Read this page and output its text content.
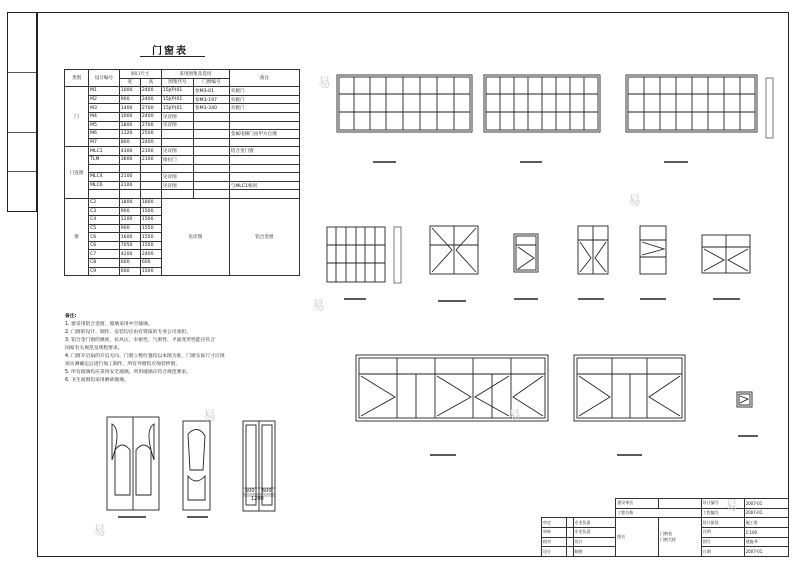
门窗表
类别	设计编号	洞口尺寸		采用图集及选用		备注
		宽	高	图集代号	门窗编号	
门	M1	1000	2400	15J(P)01	参M3-01	夹板门
	M2	900	2400	15J(P)01	参M3-197	夹板门
	M3	1400	2700	15J(P)01	参M3-340	夹板门
	M4	1000	2400	见详图		
	M5	1800	2700	见详图		
	M6	1120	2500			金属电梯门由甲方自理
	M7	800	2400			
门连窗	MLC1	4300	2100	见详图		铝合金门窗
	TLM	3600	2100	推拉门		

	MLC4	2100		见详图		
	MLC6	2100		见详图		与MLC1相同

窗	C2	1800	1800	见详图		铝合金窗
	C3	900	1500			
	C4	1200	1500			
	C5	900	1550			
	C6	1600	1550			
	C6	7050	1550			
	C7	4200	2400			
	C8	600	600			
	C9	600	1500			
备注:
1. 窗采用铝合金窗，玻璃采用中空玻璃。
2. 门窗的设计、制作、安装均应由有资质的专业公司承担。
3. 铝合金门窗的强度、抗风压、水密性、气密性、平面变形性能应符合
国家有关规范及规程要求。
4. 门窗开启扇的开启方向、门窗立樘位置均以本图为准，门窗实际尺寸应现
场实测确定后进行加工制作，所有外窗均应加装纱窗。
5. 所有玻璃均应采用安全玻璃，所用玻璃应符合规范要求。
6. 卫生间窗均采用磨砂玻璃。
600 600
1200
			建设单位		设计编号	2007-01
			工程名称		工程编号	2007-01
审定		专业负责	图名	门窗表
门窗大样	设计阶段	施工图
审核		专业负责			比例	1:100
校对		设计			图号	建施-9
设计		制图			日期	2007-01
易
易
易
易
易
易
易
